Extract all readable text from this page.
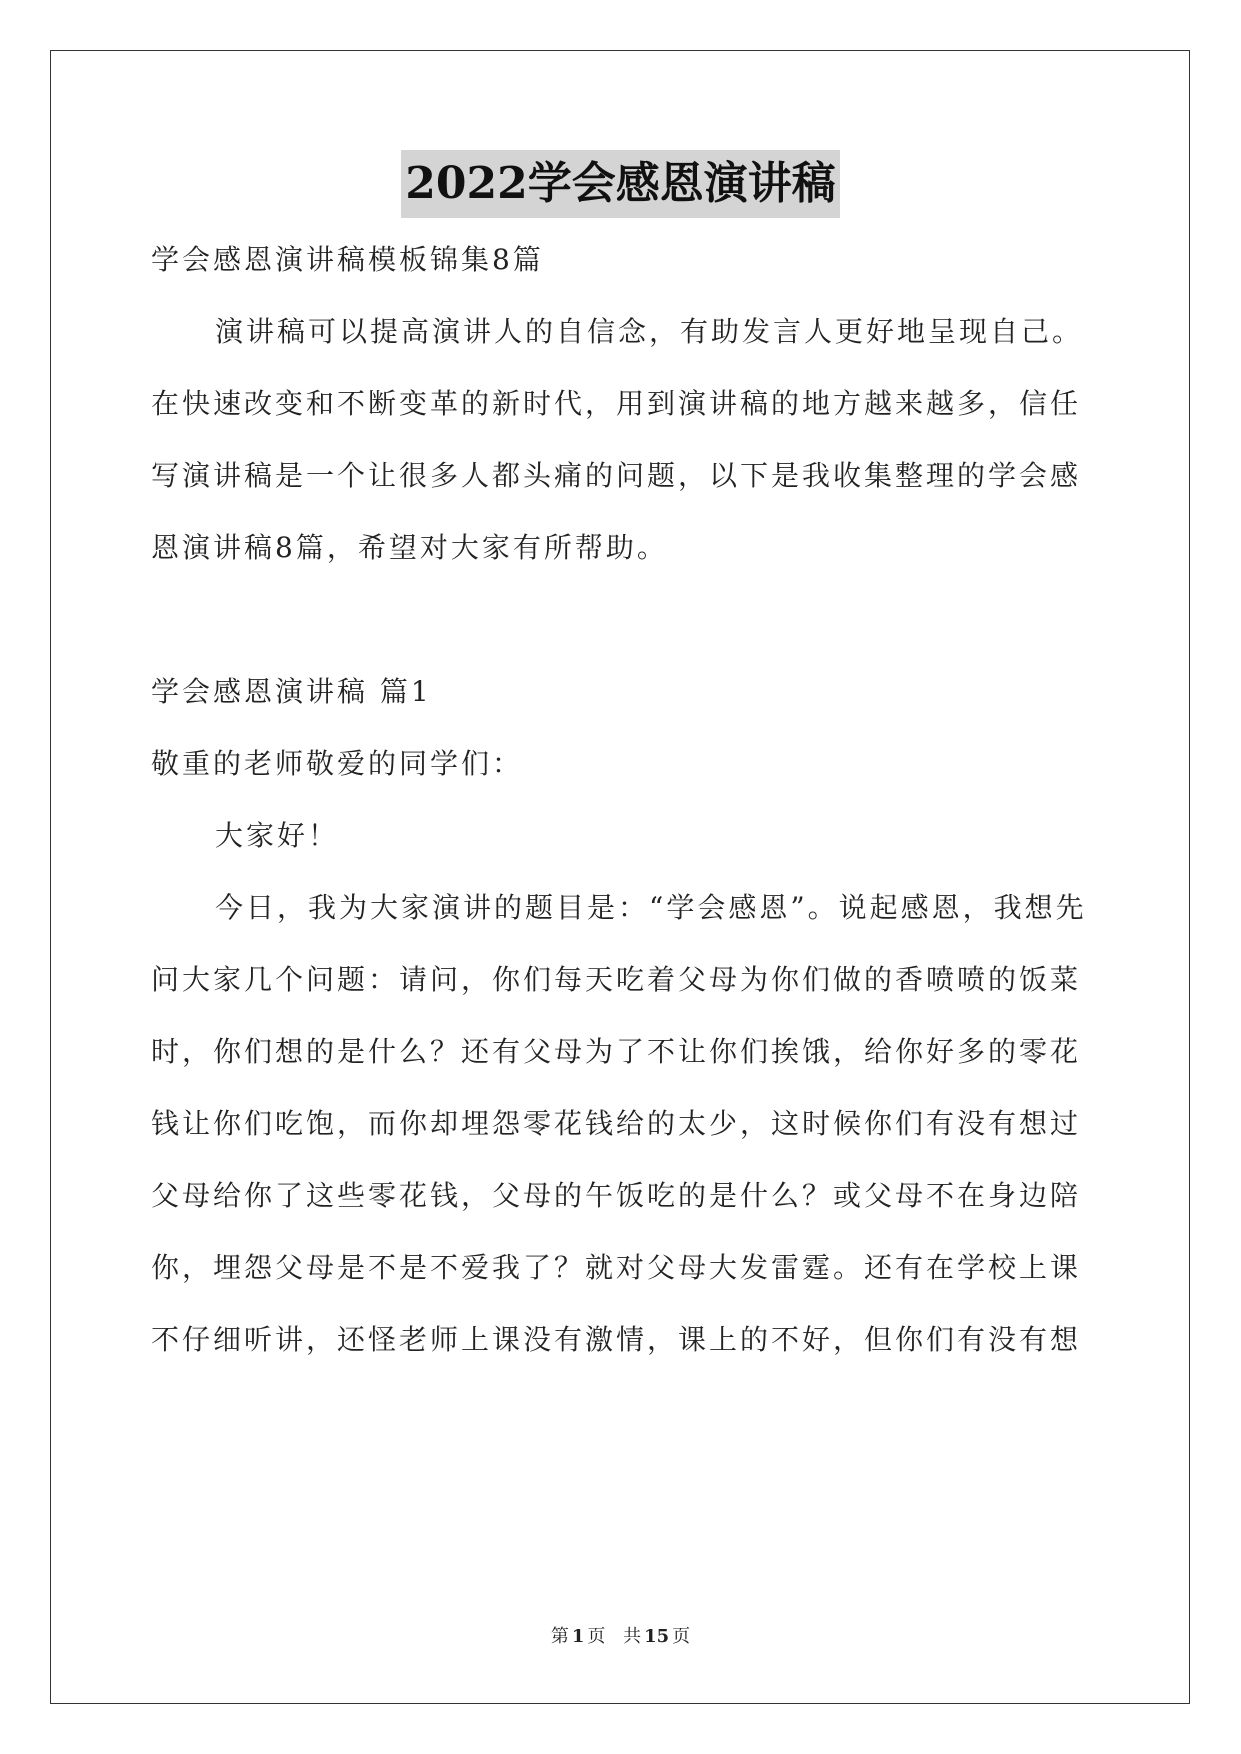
2022学会感恩演讲稿
学会感恩演讲稿模板锦集8篇
演讲稿可以提高演讲人的自信念，有助发言人更好地呈现自己。
在快速改变和不断变革的新时代，用到演讲稿的地方越来越多，信任
写演讲稿是一个让很多人都头痛的问题，以下是我收集整理的学会感
恩演讲稿8篇，希望对大家有所帮助。
学会感恩演讲稿 篇1
敬重的老师敬爱的同学们：
大家好！
今日，我为大家演讲的题目是：“学会感恩”。说起感恩，我想先
问大家几个问题：请问，你们每天吃着父母为你们做的香喷喷的饭菜
时，你们想的是什么？还有父母为了不让你们挨饿，给你好多的零花
钱让你们吃饱，而你却埋怨零花钱给的太少，这时候你们有没有想过
父母给你了这些零花钱，父母的午饭吃的是什么？或父母不在身边陪
你，埋怨父母是不是不爱我了？就对父母大发雷霆。还有在学校上课
不仔细听讲，还怪老师上课没有激情，课上的不好，但你们有没有想
第 1 页 共 15 页
